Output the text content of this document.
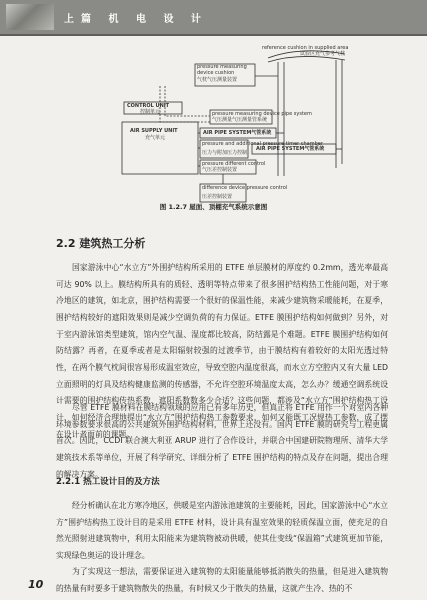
上篇 机 电 设 计
reference cushion in supplied area
试验区充气参考气枕
pressure measuring
device cushion
气枕气压测量装置
pressure measuring device pipe system
气压测量气压测量管系统
CONTROL UNIT
控制单元
AIR SUPPLY UNIT
充气单元
AIR PIPE SYSTEM气管系统
pressure and additional pressure timer chamber
压力与附加压力控制
AIR PIPE SYSTEM气管系统
pressure different control
气压差控制装置
difference device pressure control
压差控制装置
图 1.2.7 屋面、顶棚充气系统示意图
2.2 建筑热工分析

国家游泳中心“水立方”外围护结构所采用的 ETFE 单层膜材的厚度约 0.2mm，透光率最高可达 90% 以上。膜结构所具有的质轻、透明等特点带来了很多围护结构热工性能问题，对于寒冷地区的建筑，如北京，围护结构需要一个很好的保温性能，来减少建筑物采暖能耗，在夏季，围护结构较好的遮阳效果则是减少空调负荷的有力保证。ETFE 膜围护结构如何做到？另外，对于室内游泳馆类型建筑，馆内空气温、湿度都比较高，防结露是个难题。ETFE 膜围护结构如何防结露？再者，在夏季或者是太阳辐射较强的过渡季节，由于膜结构有着较好的太阳光透过特性，在两个膜气枕间很容易形成温室效应，导致空腔内温度很高，而水立方空腔内又有大量 LED 立面照明的灯具及结构健康监测的传感器，不允许空腔环境温度太高，怎么办？缓通空调系统设计需要的围护结构传热系数、遮阳系数数多少合适？这些问题，都涉及“水立方”围护结构热工设计，如何经济合理地提出“水立方”围护结构热工参数要求，如何又能既工况规热工参数，成了摆在设计者面前的课题。

尽管 ETFE 膜材料在膜结构领域的应用已有多年历史，但真正将 ETFE 用作一个对室内各种环境参数要求很高的公共建筑外围护结构材料，世界上还没有。国内 ETFE 膜的研究与工程更属首次。因此，CCDI 联合澳大利亚 ARUP 进行了合作设计，并联合中国建研院物理所、清华大学建筑技术系等单位，开展了科学研究、详细分析了 ETFE 围护结构的特点及存在问题，提出合理的解决方案。

2.2.1 热工设计目的及方法

经分析确认在北方寒冷地区，供暖是室内游泳池建筑的主要能耗，因此，国家游泳中心“水立方”围护结构热工设计目的是采用 ETFE 材料，设计具有温室效果的轻质保温立面，使充足的自然光照射进建筑物中，利用太阳能来为建筑物被动供暖，使其仕变线“保温箱”式建筑更加节能，实现绿色奥运的设计理念。

为了实现这一想法，需要保证进入建筑物的太阳能量能够抵消散失的热量，但是进入建筑物的热量有时要多于建筑物散失的热量，有时候又少于散失的热量，这就产生冷、热的不

10
